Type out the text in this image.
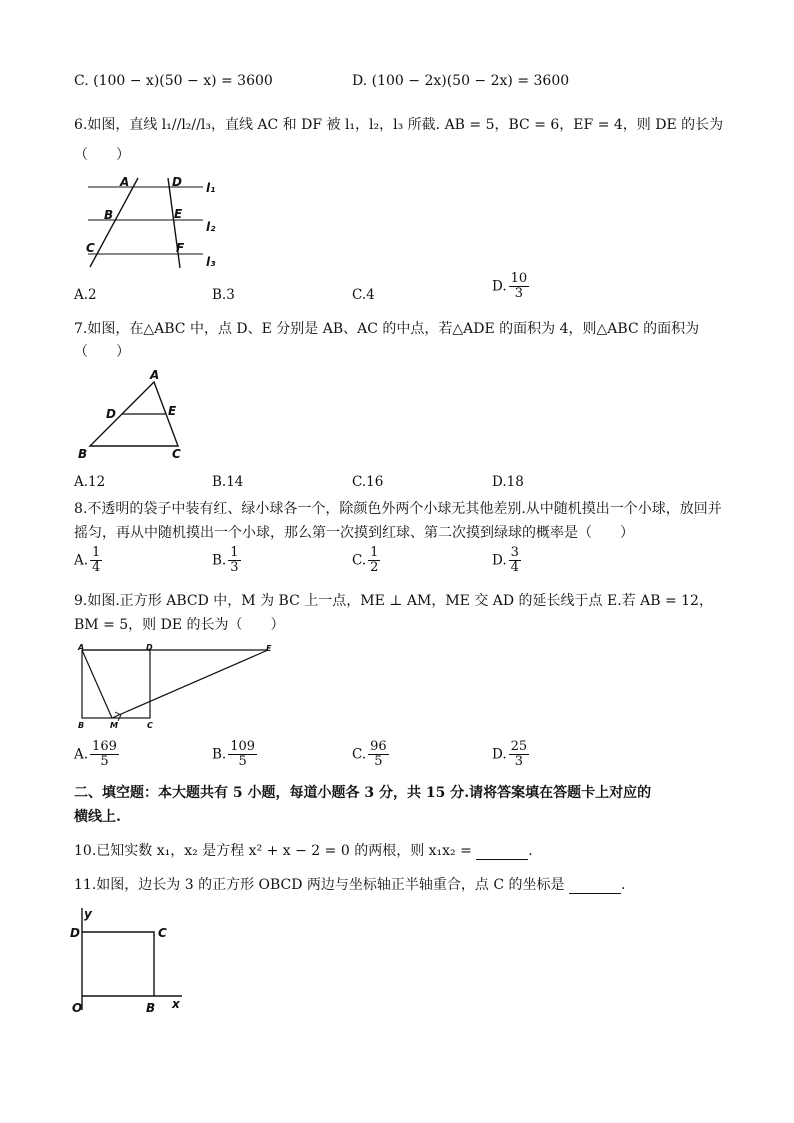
C. (100 − x)(50 − x) = 3600	D. (100 − 2x)(50 − 2x) = 3600
6.如图，直线 l₁//l₂//l₃，直线 AC 和 DF 被 l₁，l₂，l₃ 所截. AB = 5，BC = 6，EF = 4，则 DE 的长为
（　　）
A
B
C
D
E
F
l₁
l₂
l₃
A.2	B.3	C.4
D. $\frac{10}{3}$
7.如图，在△ABC 中，点 D、E 分别是 AB、AC 的中点，若△ADE 的面积为 4，则△ABC 的面积为
（　　）
A
D	E
B	C
A.12	B.14	C.16	D.18
8.不透明的袋子中装有红、绿小球各一个，除颜色外两个小球无其他差别.从中随机摸出一个小球，放回并
摇匀，再从中随机摸出一个小球，那么第一次摸到红球、第二次摸到绿球的概率是（　　）
A. $\frac{1}{4}$	B. $\frac{1}{3}$	C. $\frac{1}{2}$	D. $\frac{3}{4}$
9.如图.正方形 ABCD 中，M 为 BC 上一点，ME ⊥ AM，ME 交 AD 的延长线于点 E.若 AB = 12，
BM = 5，则 DE 的长为（　　）
A	D	E
B	M	C
A. $\frac{169}{5}$	B. $\frac{109}{5}$	C. $\frac{96}{5}$	D. $\frac{25}{3}$
二、填空题：本大题共有 5 小题，每道小题各 3 分，共 15 分.请将答案填在答题卡上对应的
横线上.
10.已知实数 x₁，x₂ 是方程 x² + x − 2 = 0 的两根，则 x₁x₂ =	.
11.如图，边长为 3 的正方形 OBCD 两边与坐标轴正半轴重合，点 C 的坐标是	.
y
x
D	C
O	B
